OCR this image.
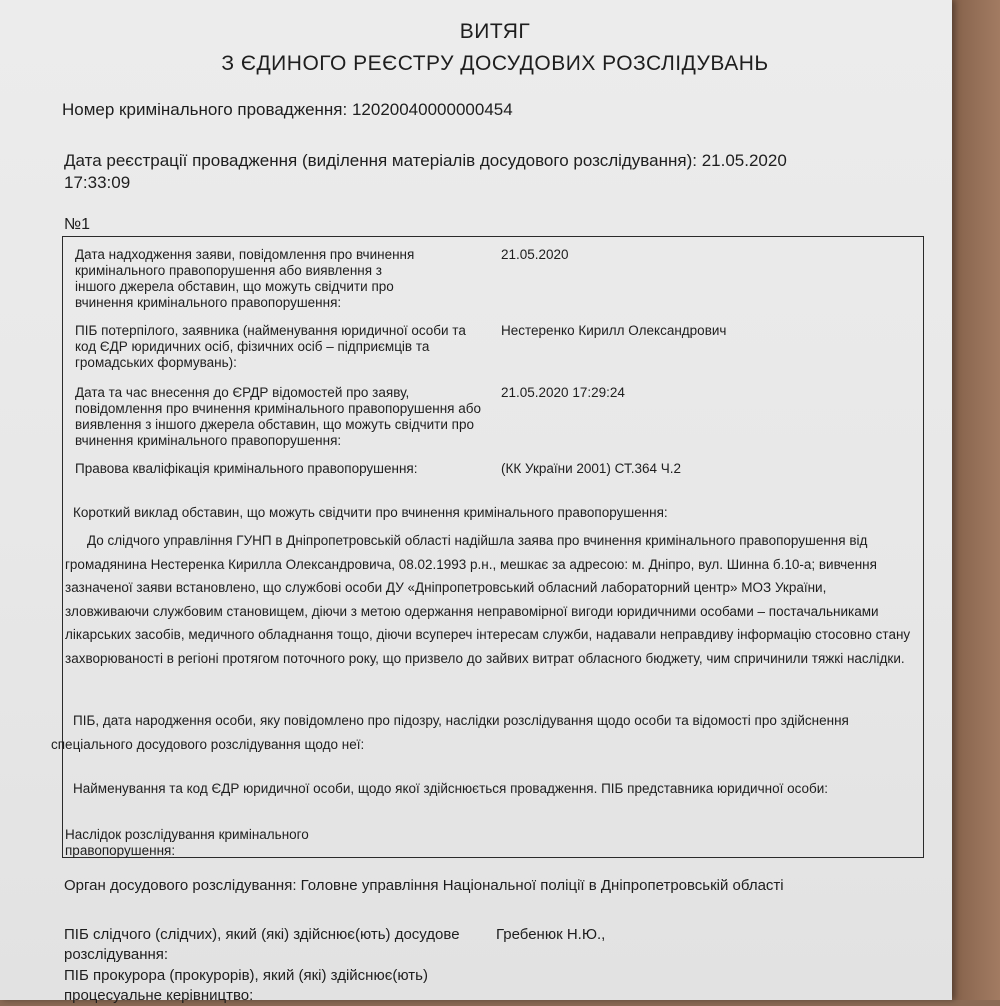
ВИТЯГ
З ЄДИНОГО РЕЄСТРУ ДОСУДОВИХ РОЗСЛІДУВАНЬ

Номер кримінального провадження: 12020040000000454

Дата реєстрації провадження (виділення матеріалів досудового розслідування): 21.05.2020

17:33:09

№1

Дата надходження заяви, повідомлення про вчинення кримінального правопорушення або виявлення з іншого джерела обставин, що можуть свідчити про вчинення кримінального правопорушення:

21.05.2020

ПІБ потерпілого, заявника (найменування юридичної особи та код ЄДР юридичних осіб, фізичних осіб – підприємців та громадських формувань):

Нестеренко Кирилл Олександрович

Дата та час внесення до ЄРДР відомостей про заяву, повідомлення про вчинення кримінального правопорушення або виявлення з іншого джерела обставин, що можуть свідчити про вчинення кримінального правопорушення:

21.05.2020 17:29:24

Правова кваліфікація кримінального правопорушення:	(КК України 2001) СТ.364 Ч.2

Короткий виклад обставин, що можуть свідчити про вчинення кримінального правопорушення:

До слідчого управління ГУНП в Дніпропетровській області надійшла заява про вчинення кримінального правопорушення від громадянина Нестеренка Кирилла Олександровича, 08.02.1993 р.н., мешкає за адресою: м. Дніпро, вул. Шинна б.10-а; вивчення зазначеної заяви встановлено, що службові особи ДУ «Дніпропетровський обласний лабораторний центр» МОЗ України, зловживаючи службовим становищем, діючи з метою одержання неправомірної вигоди юридичними особами – постачальниками лікарських засобів, медичного обладнання тощо, діючи всупереч інтересам служби, надавали неправдиву інформацію стосовно стану захворюваності в регіоні протягом поточного року, що призвело до зайвих витрат обласного бюджету, чим спричинили тяжкі наслідки.

ПІБ, дата народження особи, яку повідомлено про підозру, наслідки розслідування щодо особи та відомості про здійснення спеціального досудового розслідування щодо неї:

Найменування та код ЄДР юридичної особи, щодо якої здійснюється провадження. ПІБ представника юридичної особи:

Наслідок розслідування кримінального правопорушення:

Орган досудового розслідування: Головне управління Національної поліції в Дніпропетровській області

ПІБ слідчого (слідчих), який (які) здійснює(ють) досудове розслідування:

Гребенюк Н.Ю.,

ПІБ прокурора (прокурорів), який (які) здійснює(ють) процесуальне керівництво:
